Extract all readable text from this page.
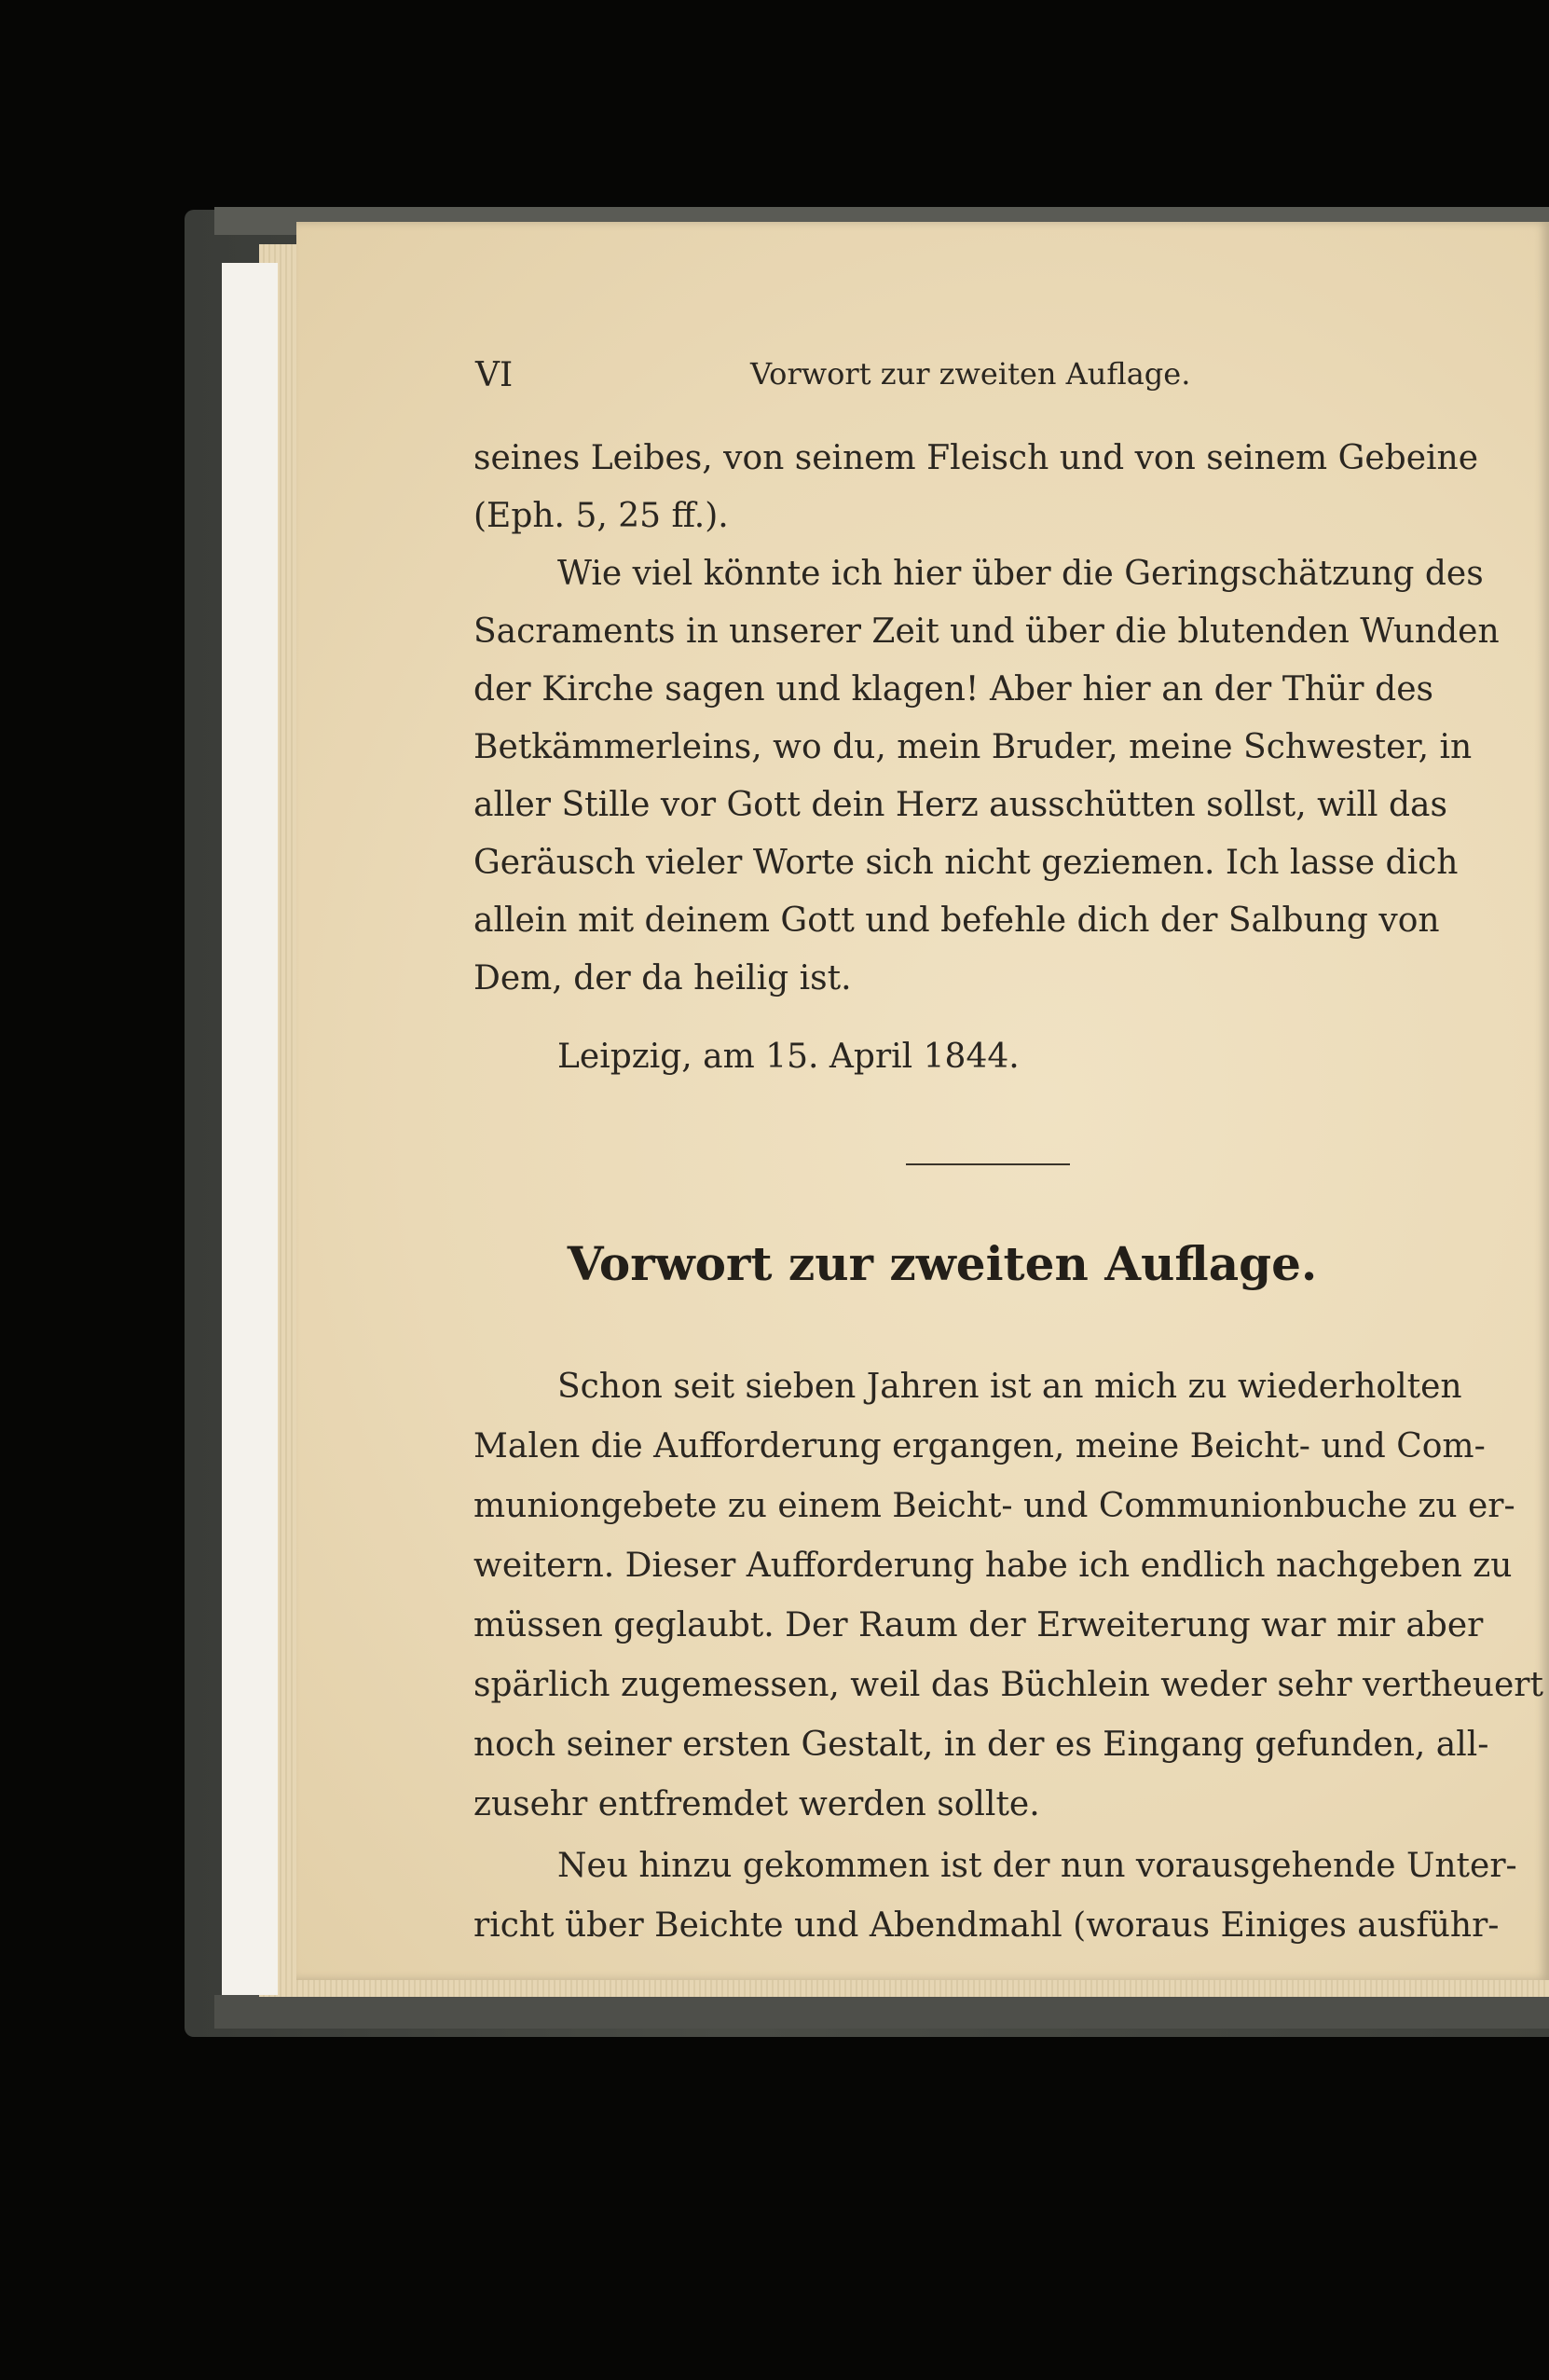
VI	Vorwort zur zweiten Auflage.
seines Leibes, von seinem Fleisch und von seinem Gebeine
(Eph. 5, 25 ff.).
Wie viel könnte ich hier über die Geringschätzung des
Sacraments in unserer Zeit und über die blutenden Wunden
der Kirche sagen und klagen! Aber hier an der Thür des
Betkämmerleins, wo du, mein Bruder, meine Schwester, in
aller Stille vor Gott dein Herz ausschütten sollst, will das
Geräusch vieler Worte sich nicht geziemen. Ich lasse dich
allein mit deinem Gott und befehle dich der Salbung von
Dem, der da heilig ist.
Leipzig, am 15. April 1844.
Vorwort zur zweiten Auflage.
Schon seit sieben Jahren ist an mich zu wiederholten
Malen die Aufforderung ergangen, meine Beicht- und Com-
muniongebete zu einem Beicht- und Communionbuche zu er-
weitern. Dieser Aufforderung habe ich endlich nachgeben zu
müssen geglaubt. Der Raum der Erweiterung war mir aber
spärlich zugemessen, weil das Büchlein weder sehr vertheuert
noch seiner ersten Gestalt, in der es Eingang gefunden, all-
zusehr entfremdet werden sollte.
Neu hinzu gekommen ist der nun vorausgehende Unter-
richt über Beichte und Abendmahl (woraus Einiges ausführ-
